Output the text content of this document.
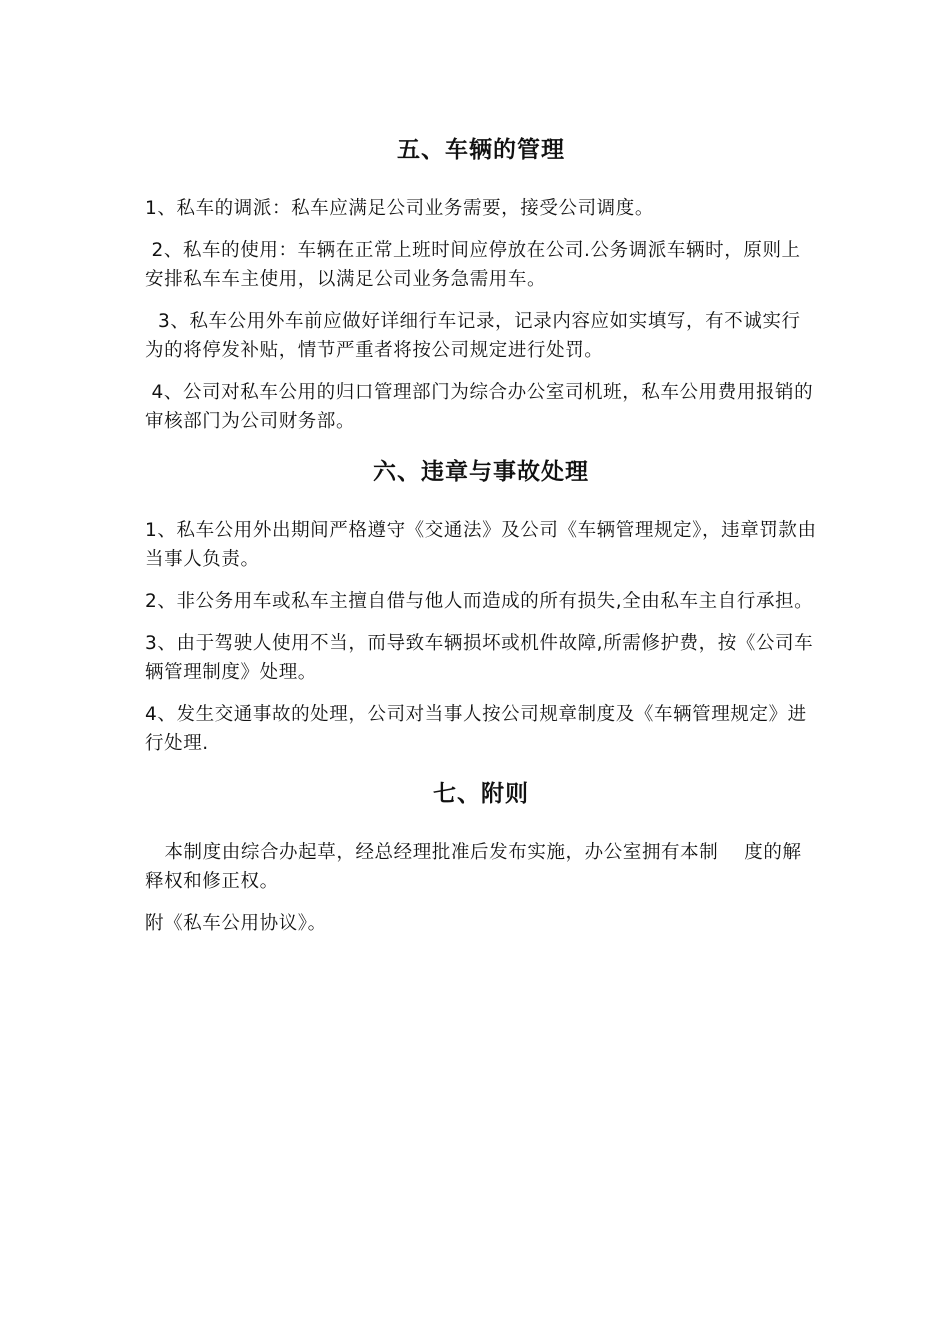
五、车辆的管理

1、私车的调派：私车应满足公司业务需要，接受公司调度。

2、私车的使用：车辆在正常上班时间应停放在公司.公务调派车辆时，原则上安排私车车主使用，以满足公司业务急需用车。

3、私车公用外车前应做好详细行车记录，记录内容应如实填写，有不诚实行为的将停发补贴，情节严重者将按公司规定进行处罚。

4、公司对私车公用的归口管理部门为综合办公室司机班，私车公用费用报销的审核部门为公司财务部。

六、违章与事故处理

1、私车公用外出期间严格遵守《交通法》及公司《车辆管理规定》，违章罚款由当事人负责。

2、非公务用车或私车主擅自借与他人而造成的所有损失,全由私车主自行承担。

3、由于驾驶人使用不当，而导致车辆损坏或机件故障,所需修护费，按《公司车辆管理制度》处理。

4、发生交通事故的处理，公司对当事人按公司规章制度及《车辆管理规定》进行处理.

七、附则

本制度由综合办起草，经总经理批准后发布实施，办公室拥有本制    度的解释权和修正权。

附《私车公用协议》。
